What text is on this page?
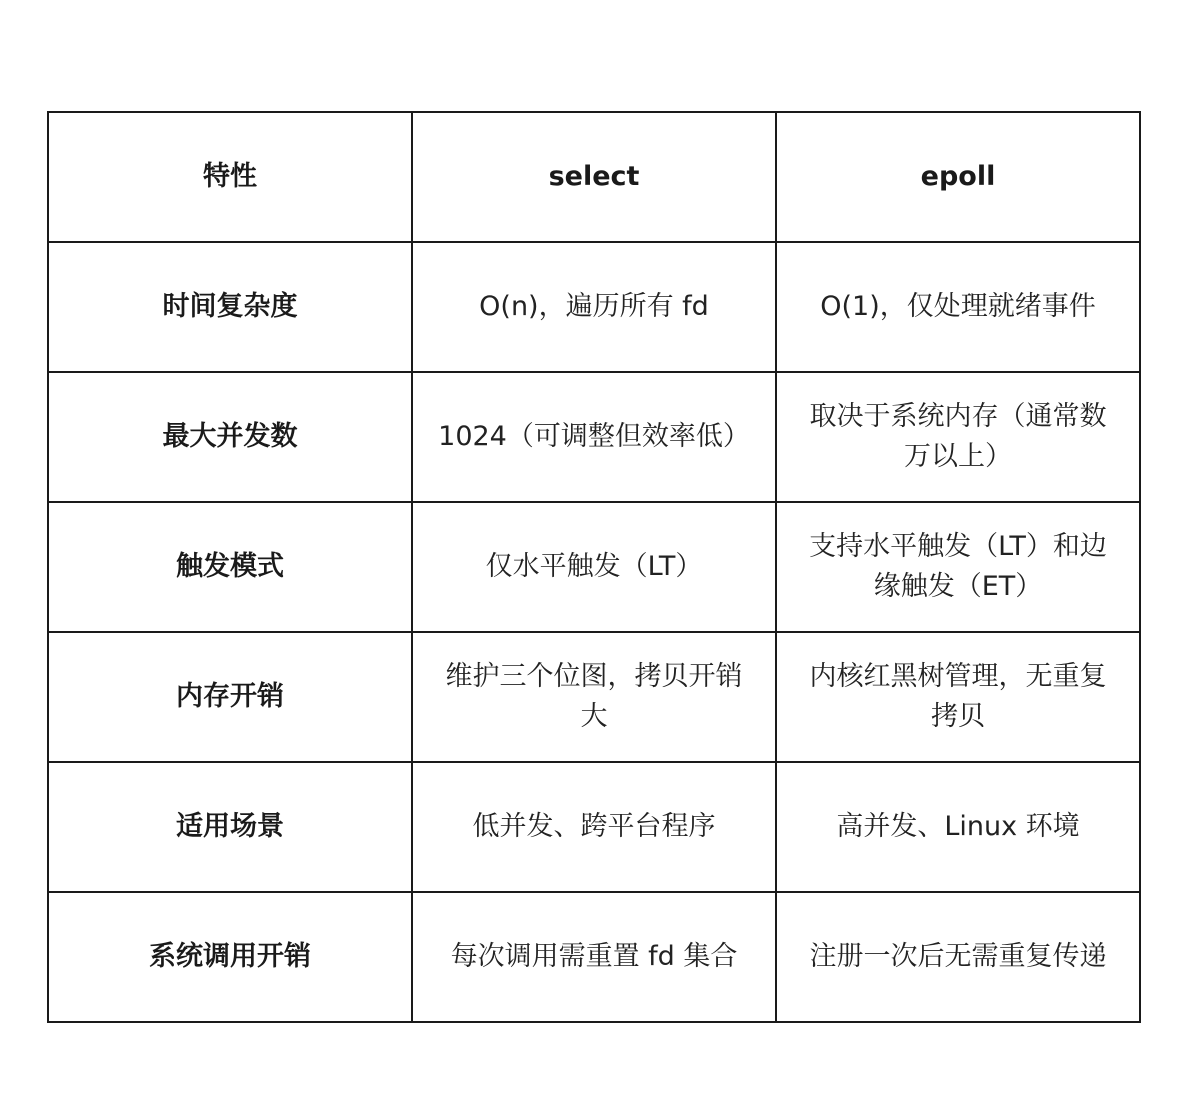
特性	select	epoll
时间复杂度	O(n)，遍历所有 fd	O(1)，仅处理就绪事件
最大并发数	1024（可调整但效率低）	取决于系统内存（通常数万以上）
触发模式	仅水平触发（LT）	支持水平触发（LT）和边缘触发（ET）
内存开销	维护三个位图，拷贝开销大	内核红黑树管理，无重复拷贝
适用场景	低并发、跨平台程序	高并发、Linux 环境
系统调用开销	每次调用需重置 fd 集合	注册一次后无需重复传递
